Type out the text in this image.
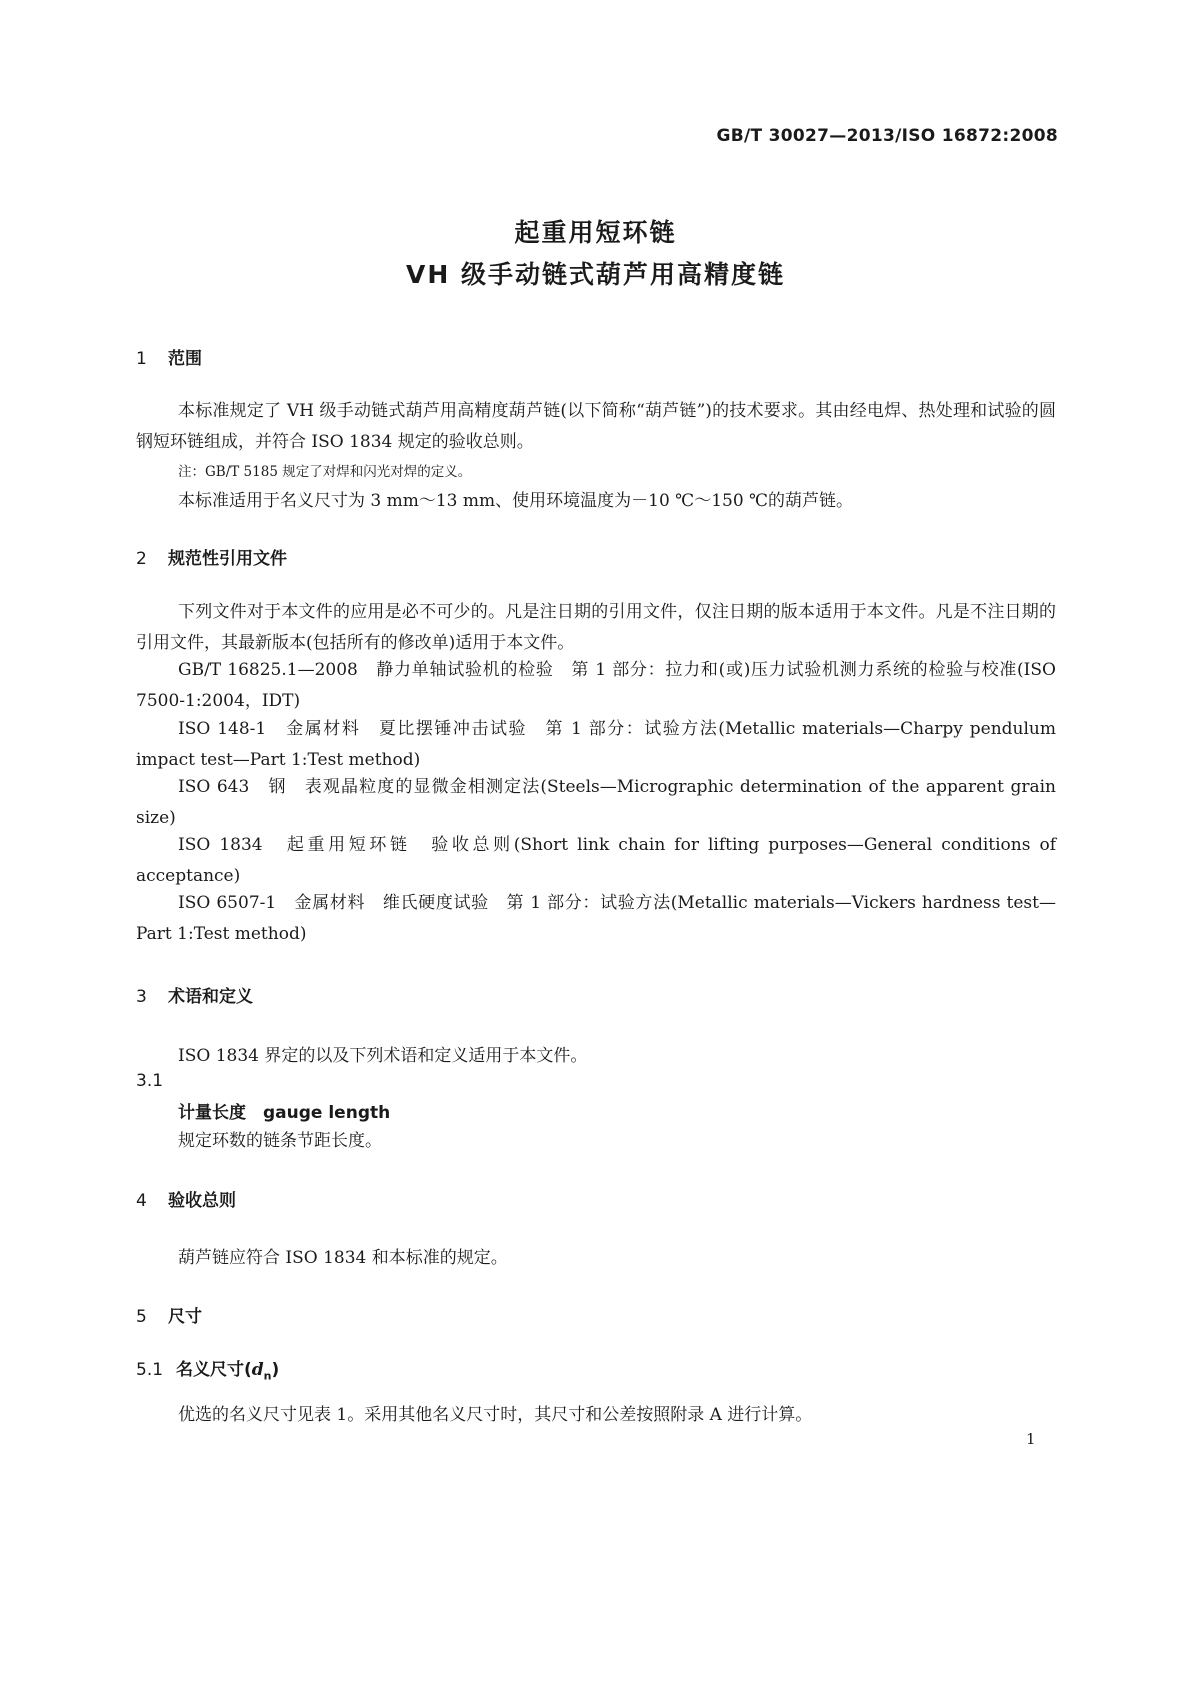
GB/T 30027—2013/ISO 16872:2008
起重用短环链
VH 级手动链式葫芦用高精度链
1 范围
本标准规定了 VH 级手动链式葫芦用高精度葫芦链(以下简称“葫芦链”)的技术要求。其由经电焊、热处理和试验的圆钢短环链组成，并符合 ISO 1834 规定的验收总则。
注：GB/T 5185 规定了对焊和闪光对焊的定义。
本标准适用于名义尺寸为 3 mm～13 mm、使用环境温度为－10 ℃～150 ℃的葫芦链。
2 规范性引用文件
下列文件对于本文件的应用是必不可少的。凡是注日期的引用文件，仅注日期的版本适用于本文件。凡是不注日期的引用文件，其最新版本(包括所有的修改单)适用于本文件。
GB/T 16825.1—2008　静力单轴试验机的检验　第 1 部分：拉力和(或)压力试验机测力系统的检验与校准(ISO 7500-1:2004，IDT)
ISO 148-1　金属材料　夏比摆锤冲击试验　第 1 部分：试验方法(Metallic materials—Charpy pendulum impact test—Part 1:Test method)
ISO 643　钢　表观晶粒度的显微金相测定法(Steels—Micrographic determination of the apparent grain size)
ISO 1834　起重用短环链　验收总则(Short link chain for lifting purposes—General conditions of acceptance)
ISO 6507-1　金属材料　维氏硬度试验　第 1 部分：试验方法(Metallic materials—Vickers hardness test—Part 1:Test method)
3 术语和定义
ISO 1834 界定的以及下列术语和定义适用于本文件。
3.1
计量长度　gauge length
规定环数的链条节距长度。
4 验收总则
葫芦链应符合 ISO 1834 和本标准的规定。
5 尺寸
5.1 名义尺寸$(d_n)$
优选的名义尺寸见表 1。采用其他名义尺寸时，其尺寸和公差按照附录 A 进行计算。
1
